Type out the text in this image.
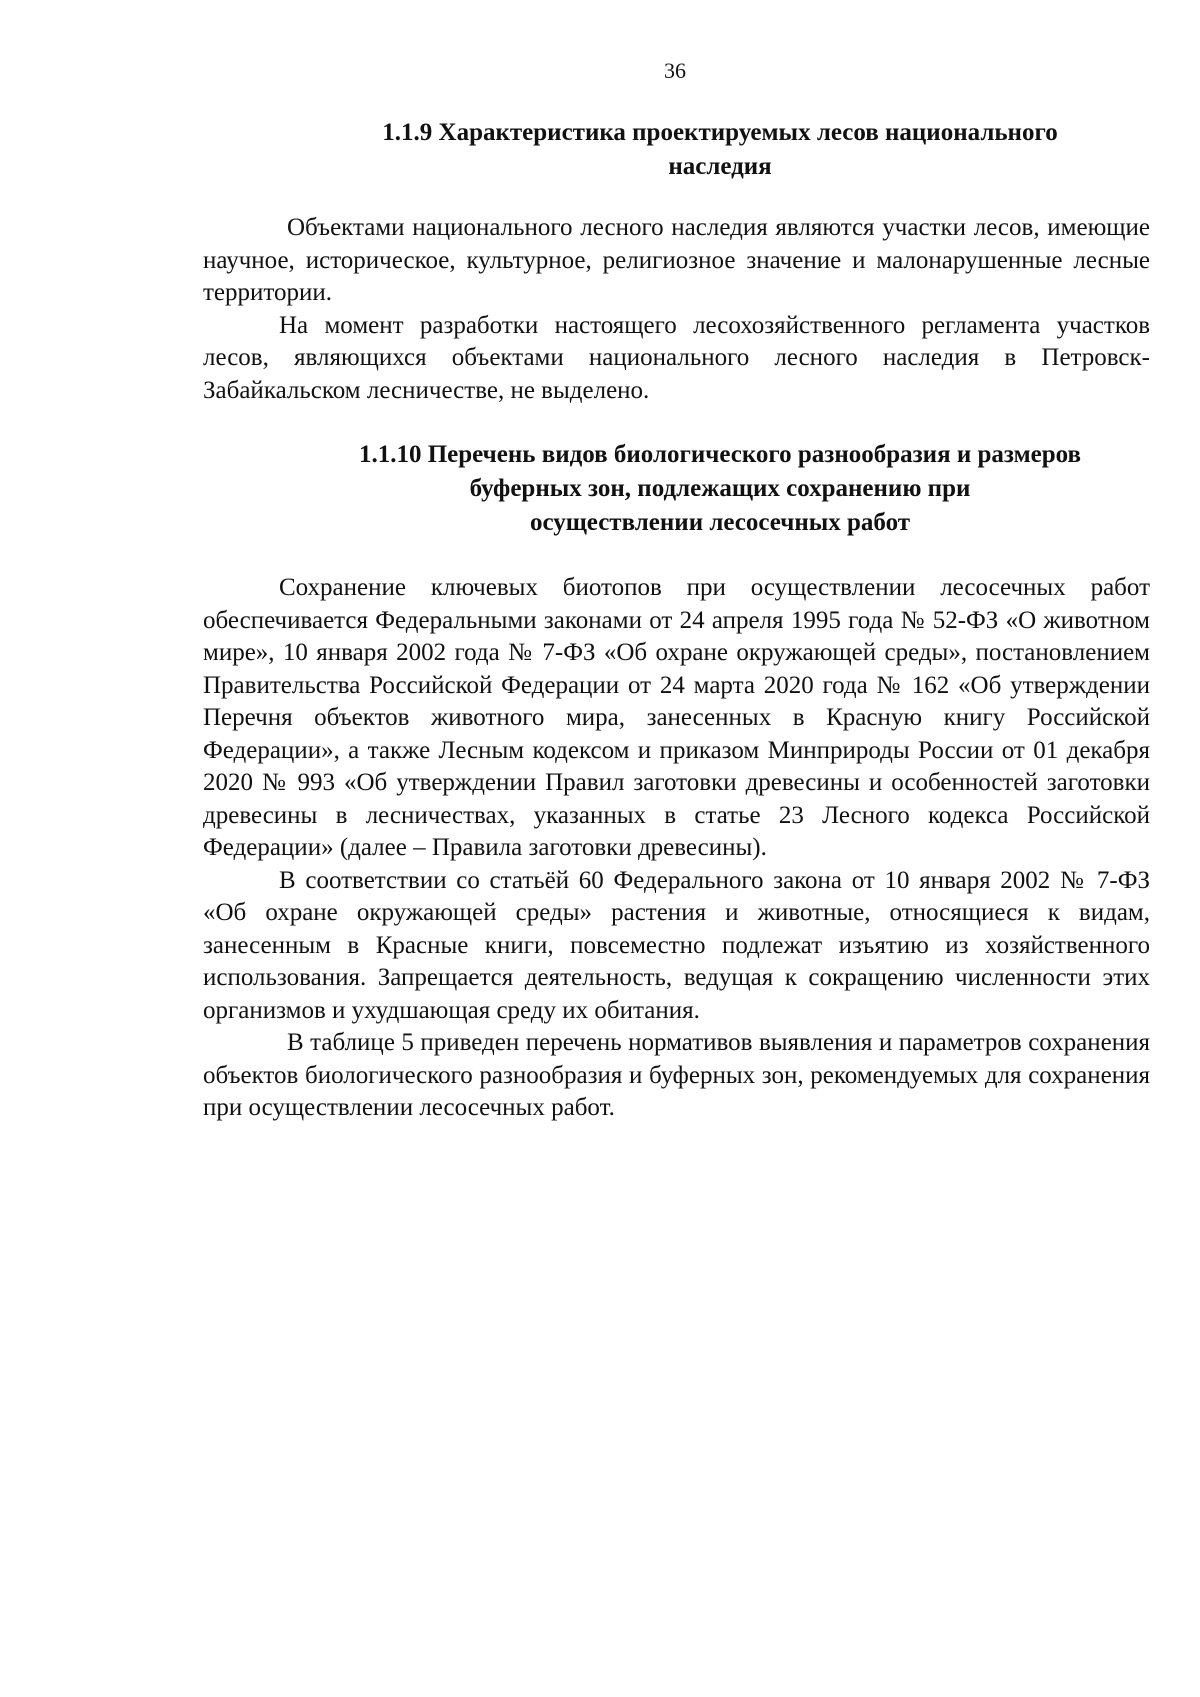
36
1.1.9 Характеристика проектируемых лесов национального
наследия

Объектами национального лесного наследия являются участки лесов, имеющие научное, историческое, культурное, религиозное значение и малонарушенные лесные территории.

На момент разработки настоящего лесохозяйственного регламента участков лесов, являющихся объектами национального лесного наследия в Петровск-Забайкальском лесничестве, не выделено.

1.1.10 Перечень видов биологического разнообразия и размеров
буферных зон, подлежащих сохранению при
осуществлении лесосечных работ

Сохранение ключевых биотопов при осуществлении лесосечных работ обеспечивается Федеральными законами от 24 апреля 1995 года № 52-ФЗ «О животном мире», 10 января 2002 года № 7-ФЗ «Об охране окружающей среды», постановлением Правительства Российской Федерации от 24 марта 2020 года № 162 «Об утверждении Перечня объектов животного мира, занесенных в Красную книгу Российской Федерации», а также Лесным кодексом и приказом Минприроды России от 01 декабря 2020 № 993 «Об утверждении Правил заготовки древесины и особенностей заготовки древесины в лесничествах, указанных в статье 23 Лесного кодекса Российской Федерации» (далее – Правила заготовки древесины).

В соответствии со статьёй 60 Федерального закона от 10 января 2002 № 7-ФЗ «Об охране окружающей среды» растения и животные, относящиеся к видам, занесенным в Красные книги, повсеместно подлежат изъятию из хозяйственного использования. Запрещается деятельность, ведущая к сокращению численности этих организмов и ухудшающая среду их обитания.

В таблице 5 приведен перечень нормативов выявления и параметров сохранения объектов биологического разнообразия и буферных зон, рекомендуемых для сохранения при осуществлении лесосечных работ.
